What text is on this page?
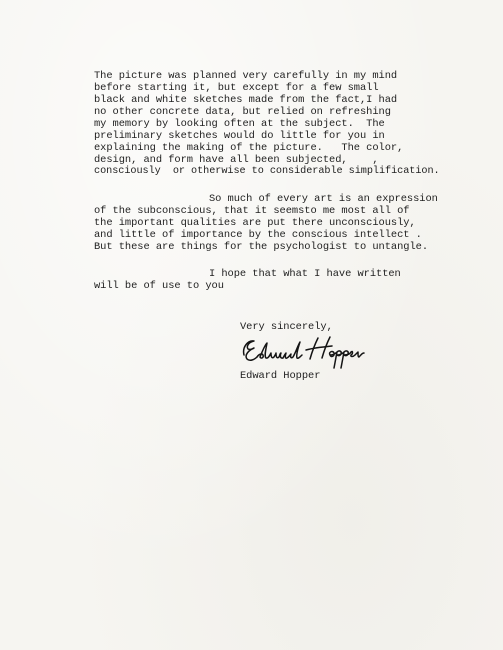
The picture was planned very carefully in my mind
before starting it, but except for a few small
black and white sketches made from the fact,I had
no other concrete data, but relied on refreshing
my memory by looking often at the subject.  The
preliminary sketches would do little for you in
explaining the making of the picture.   The color,
design, and form have all been subjected,    ,
consciously  or otherwise to considerable simplification.
So much of every art is an expression
of the subconscious, that it seemsto me most all of
the important qualities are put there unconsciously,
and little of importance by the conscious intellect .
But these are things for the psychologist to untangle.
I hope that what I have written
will be of use to you
Very sincerely,
Edward Hopper
